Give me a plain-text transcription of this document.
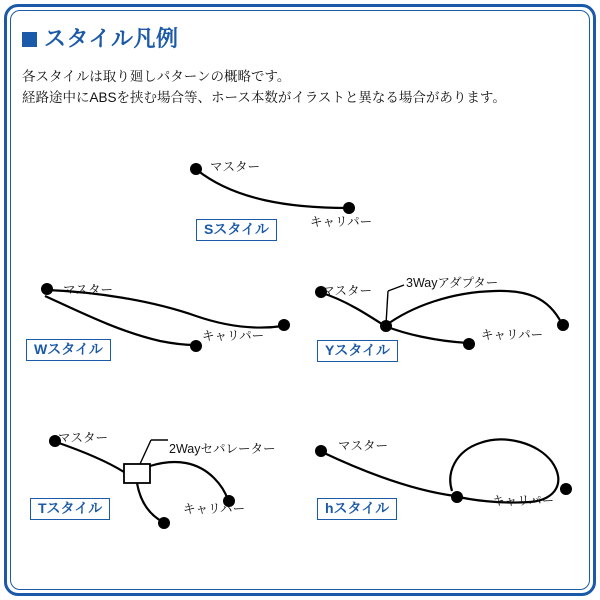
スタイル凡例
各スタイルは取り廻しパターンの概略です。
経路途中にABSを挟む場合等、ホース本数がイラストと異なる場合があります。
マスター
キャリパー
Sスタイル
マスター
キャリパー
Wスタイル
マスター
3Wayアダプター
キャリパー
Yスタイル
マスター
2Wayセパレーター
キャリパー
Tスタイル
マスター
キャリパー
hスタイル
